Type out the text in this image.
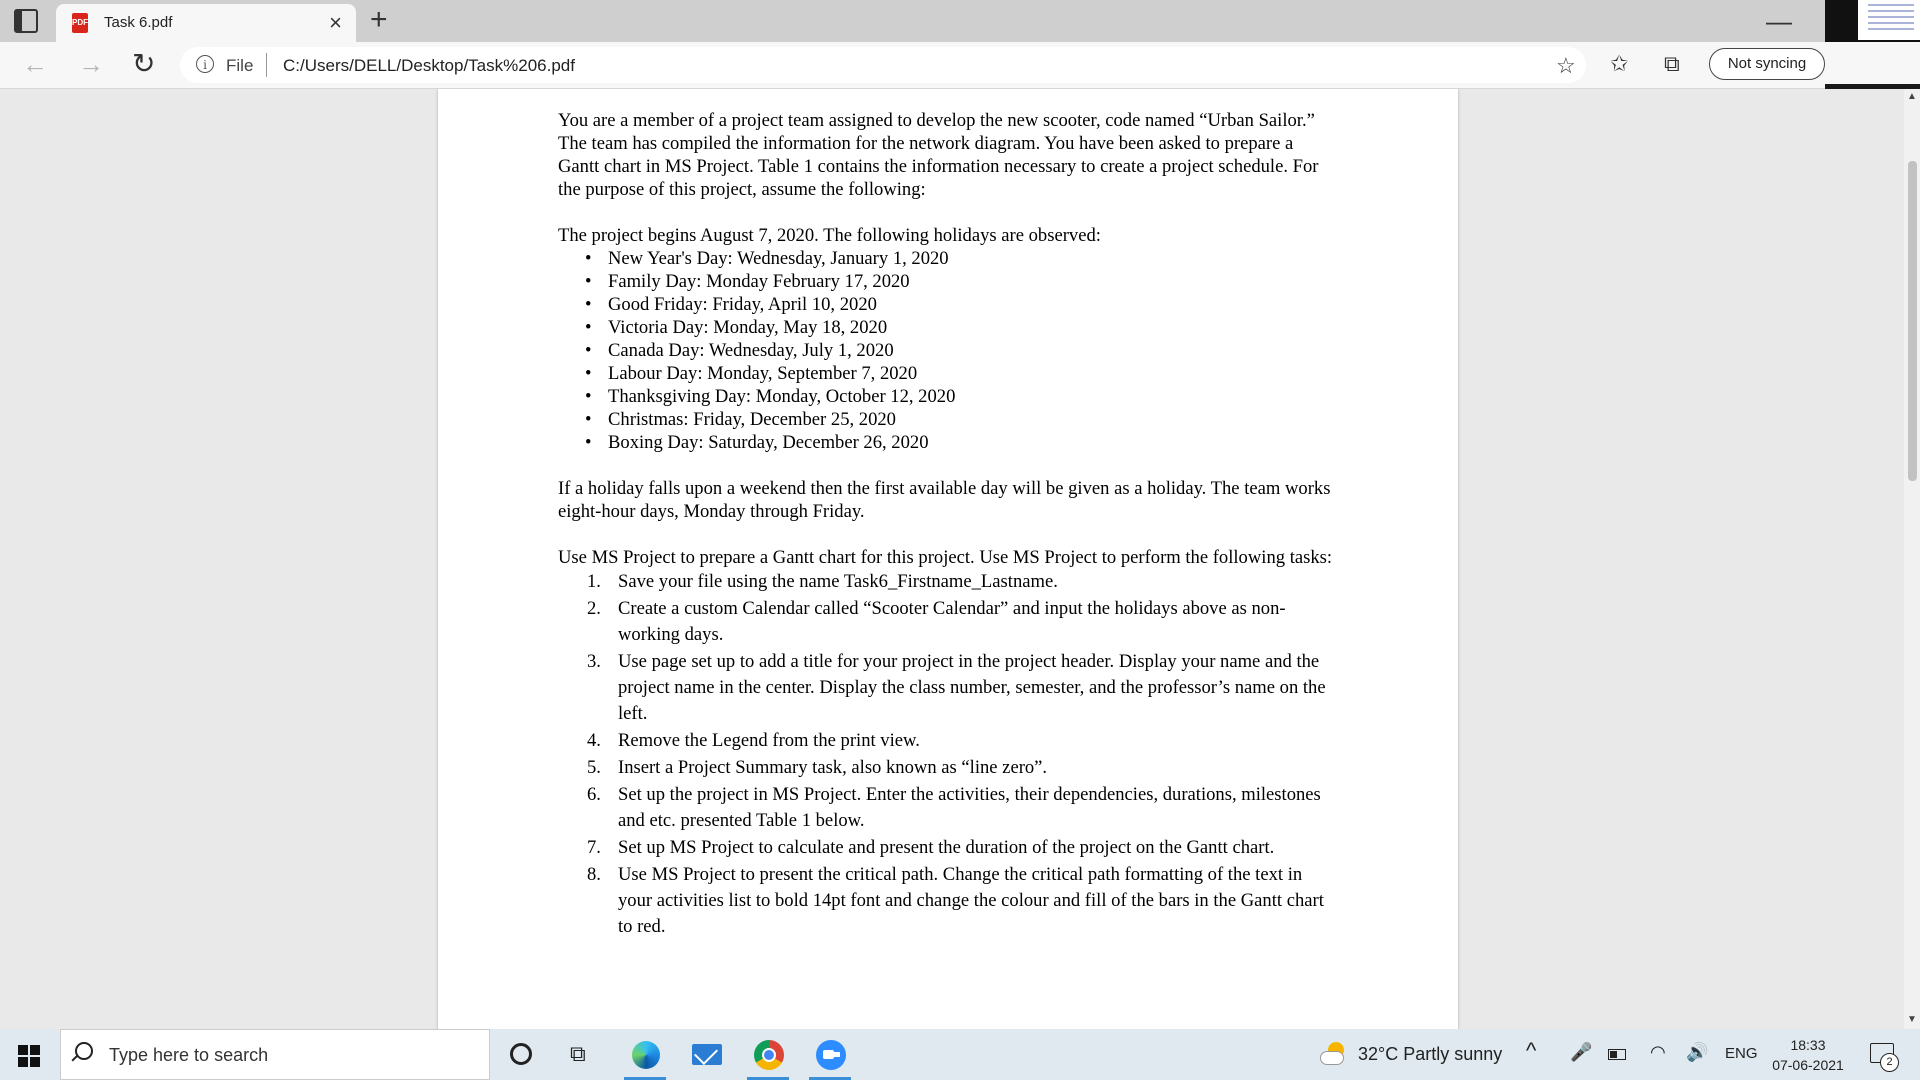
PDF Task 6.pdf	× +	—
← → ↻	i	File C:/Users/DELL/Desktop/Task%206.pdf	☆ ✩ ⧉	Not syncing

You are a member of a project team assigned to develop the new scooter, code named “Urban Sailor.” The team has compiled the information for the network diagram. You have been asked to prepare a Gantt chart in MS Project. Table 1 contains the information necessary to create a project schedule. For the purpose of this project, assume the following:

The project begins August 7, 2020. The following holidays are observed:

• New Year's Day: Wednesday, January 1, 2020
• Family Day: Monday February 17, 2020
• Good Friday: Friday, April 10, 2020
• Victoria Day: Monday, May 18, 2020
• Canada Day: Wednesday, July 1, 2020
• Labour Day: Monday, September 7, 2020
• Thanksgiving Day: Monday, October 12, 2020
• Christmas: Friday, December 25, 2020
• Boxing Day: Saturday, December 26, 2020

If a holiday falls upon a weekend then the first available day will be given as a holiday. The team works eight-hour days, Monday through Friday.

Use MS Project to prepare a Gantt chart for this project. Use MS Project to perform the following tasks:

1. Save your file using the name Task6_Firstname_Lastname.
2. Create a custom Calendar called “Scooter Calendar” and input the holidays above as non-working days.
3. Use page set up to add a title for your project in the project header. Display your name and the project name in the center. Display the class number, semester, and the professor’s name on the left.
4. Remove the Legend from the print view.
5. Insert a Project Summary task, also known as “line zero”.
6. Set up the project in MS Project. Enter the activities, their dependencies, durations, milestones and etc. presented Table 1 below.
7. Set up MS Project to calculate and present the duration of the project on the Gantt chart.
8. Use MS Project to present the critical path. Change the critical path formatting of the text in your activities list to bold 14pt font and change the colour and fill of the bars in the Gantt chart to red.
▲
▼
Type here to search	⧉	32°C Partly sunny ^ 🎤	◠ 🔊 ENG	18:33
07-06-2021	2
